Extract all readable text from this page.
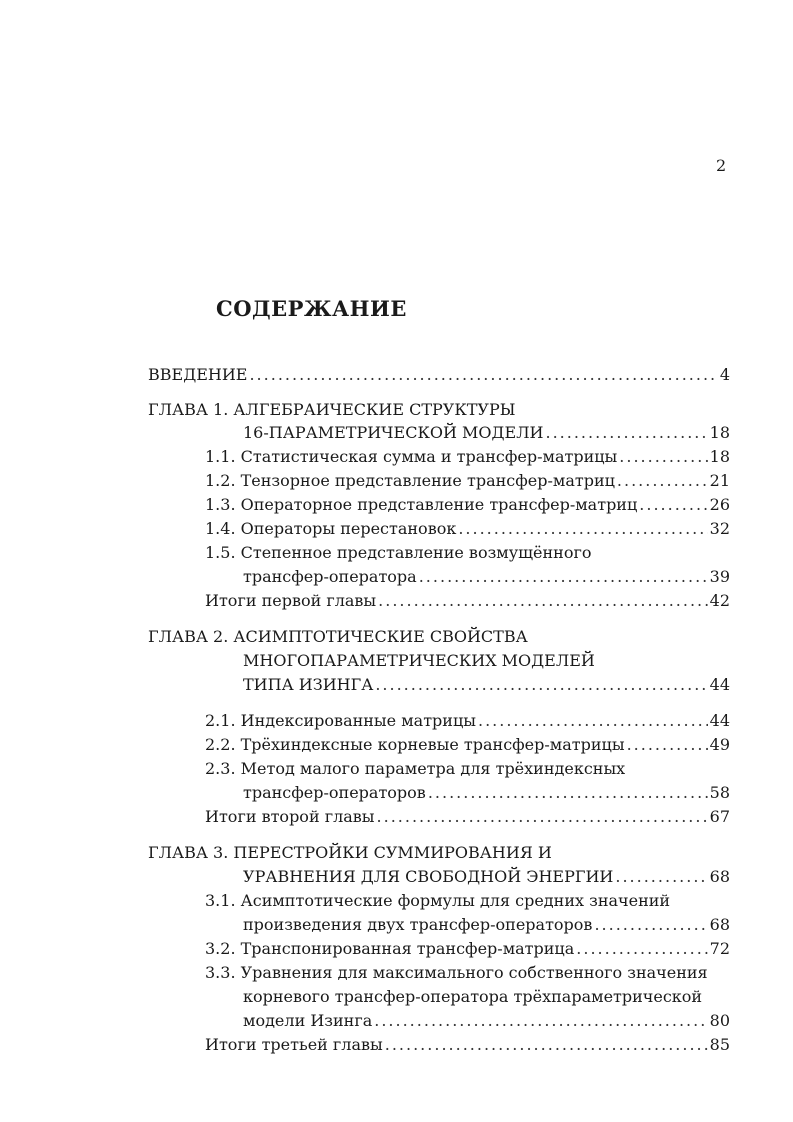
2
СОДЕРЖАНИЕ
ВВЕДЕНИЕ .....	4
ГЛАВА 1. АЛГЕБРАИЧЕСКИЕ СТРУКТУРЫ
16-ПАРАМЕТРИЧЕСКОЙ МОДЕЛИ .....	18
1.1. Статистическая сумма и трансфер-матрицы .....	18
1.2. Тензорное представление трансфер-матриц .....	21
1.3. Операторное представление трансфер-матриц .....	26
1.4. Операторы перестановок .....	32
1.5. Степенное представление возмущённого
трансфер-оператора .....	39
Итоги первой главы .....	42
ГЛАВА 2. АСИМПТОТИЧЕСКИЕ СВОЙСТВА
МНОГОПАРАМЕТРИЧЕСКИХ МОДЕЛЕЙ
ТИПА ИЗИНГА .....	44
2.1. Индексированные матрицы .....	44
2.2. Трёхиндексные корневые трансфер-матрицы .....	49
2.3. Метод малого параметра для трёхиндексных
трансфер-операторов .....	58
Итоги второй главы .....	67
ГЛАВА 3. ПЕРЕСТРОЙКИ СУММИРОВАНИЯ И
УРАВНЕНИЯ ДЛЯ СВОБОДНОЙ ЭНЕРГИИ .....	68
3.1. Асимптотические формулы для средних значений
произведения двух трансфер-операторов .....	68
3.2. Транспонированная трансфер-матрица .....	72
3.3. Уравнения для максимального собственного значения
корневого трансфер-оператора трёхпараметрической
модели Изинга .....	80
Итоги третьей главы .....	85
